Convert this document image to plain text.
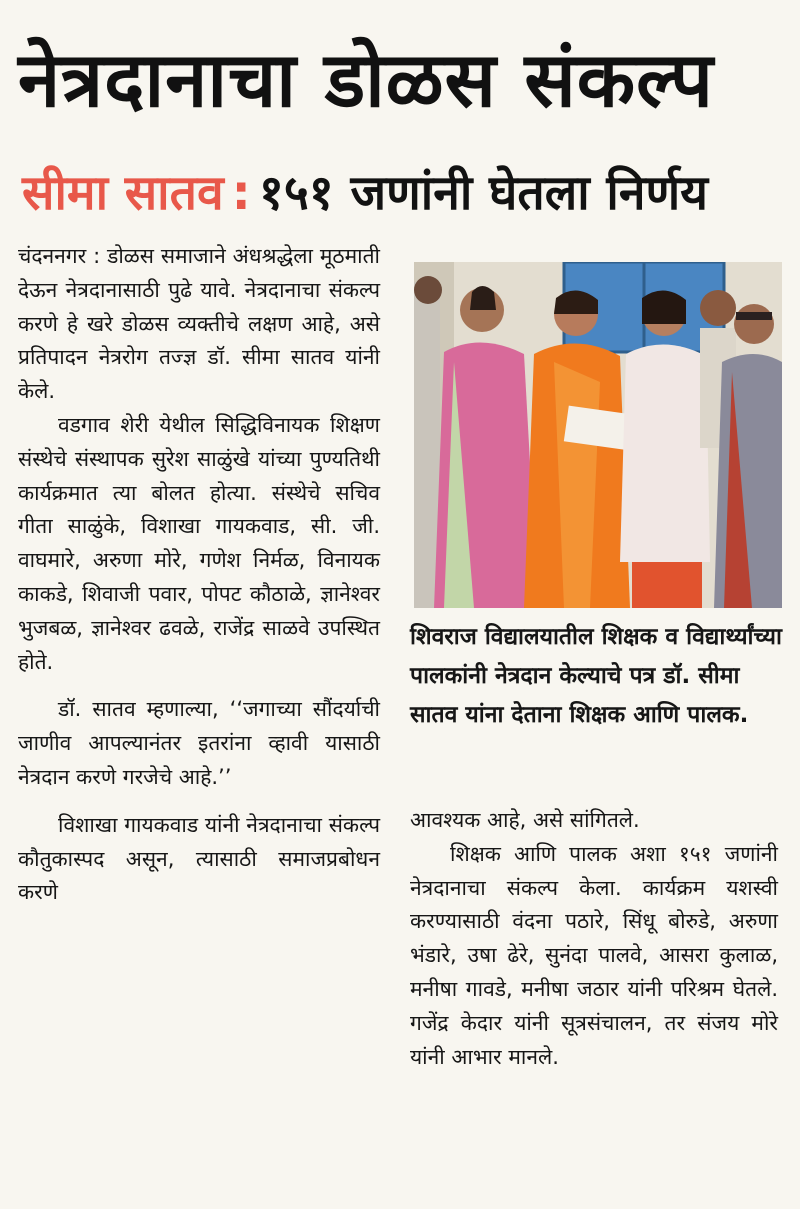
नेत्रदानाचा डोळस संकल्प
सीमा सातव : १५१ जणांनी घेतला निर्णय

चंदननगर : डोळस समाजाने अंधश्रद्धेला मूठमाती देऊन नेत्रदानासाठी पुढे यावे. नेत्रदानाचा संकल्प करणे हे खरे डोळस व्यक्तीचे लक्षण आहे, असे प्रतिपादन नेत्ररोग तज्ज्ञ डॉ. सीमा सातव यांनी केले.

वडगाव शेरी येथील सिद्धिविनायक शिक्षण संस्थेचे संस्थापक सुरेश साळुंखे यांच्या पुण्यतिथी कार्यक्रमात त्या बोलत होत्या. संस्थेचे सचिव गीता साळुंके, विशाखा गायकवाड, सी. जी. वाघमारे, अरुणा मोरे, गणेश निर्मळ, विनायक काकडे, शिवाजी पवार, पोपट कौठाळे, ज्ञानेश्वर भुजबळ, ज्ञानेश्वर ढवळे, राजेंद्र साळवे उपस्थित होते.

डॉ. सातव म्हणाल्या, ‘‘जगाच्या सौंदर्याची जाणीव आपल्यानंतर इतरांना व्हावी यासाठी नेत्रदान करणे गरजेचे आहे.’’

विशाखा गायकवाड यांनी नेत्रदानाचा संकल्प कौतुकास्पद असून, त्यासाठी समाजप्रबोधन करणे

शिवराज विद्यालयातील शिक्षक व विद्यार्थ्यांच्या पालकांनी नेत्रदान केल्याचे पत्र डॉ. सीमा सातव यांना देताना शिक्षक आणि पालक.

आवश्यक आहे, असे सांगितले.

शिक्षक आणि पालक अशा १५१ जणांनी नेत्रदानाचा संकल्प केला. कार्यक्रम यशस्वी करण्यासाठी वंदना पठारे, सिंधू बोरुडे, अरुणा भंडारे, उषा ढेरे, सुनंदा पालवे, आसरा कुलाळ, मनीषा गावडे, मनीषा जठार यांनी परिश्रम घेतले. गजेंद्र केदार यांनी सूत्रसंचालन, तर संजय मोरे यांनी आभार मानले.
